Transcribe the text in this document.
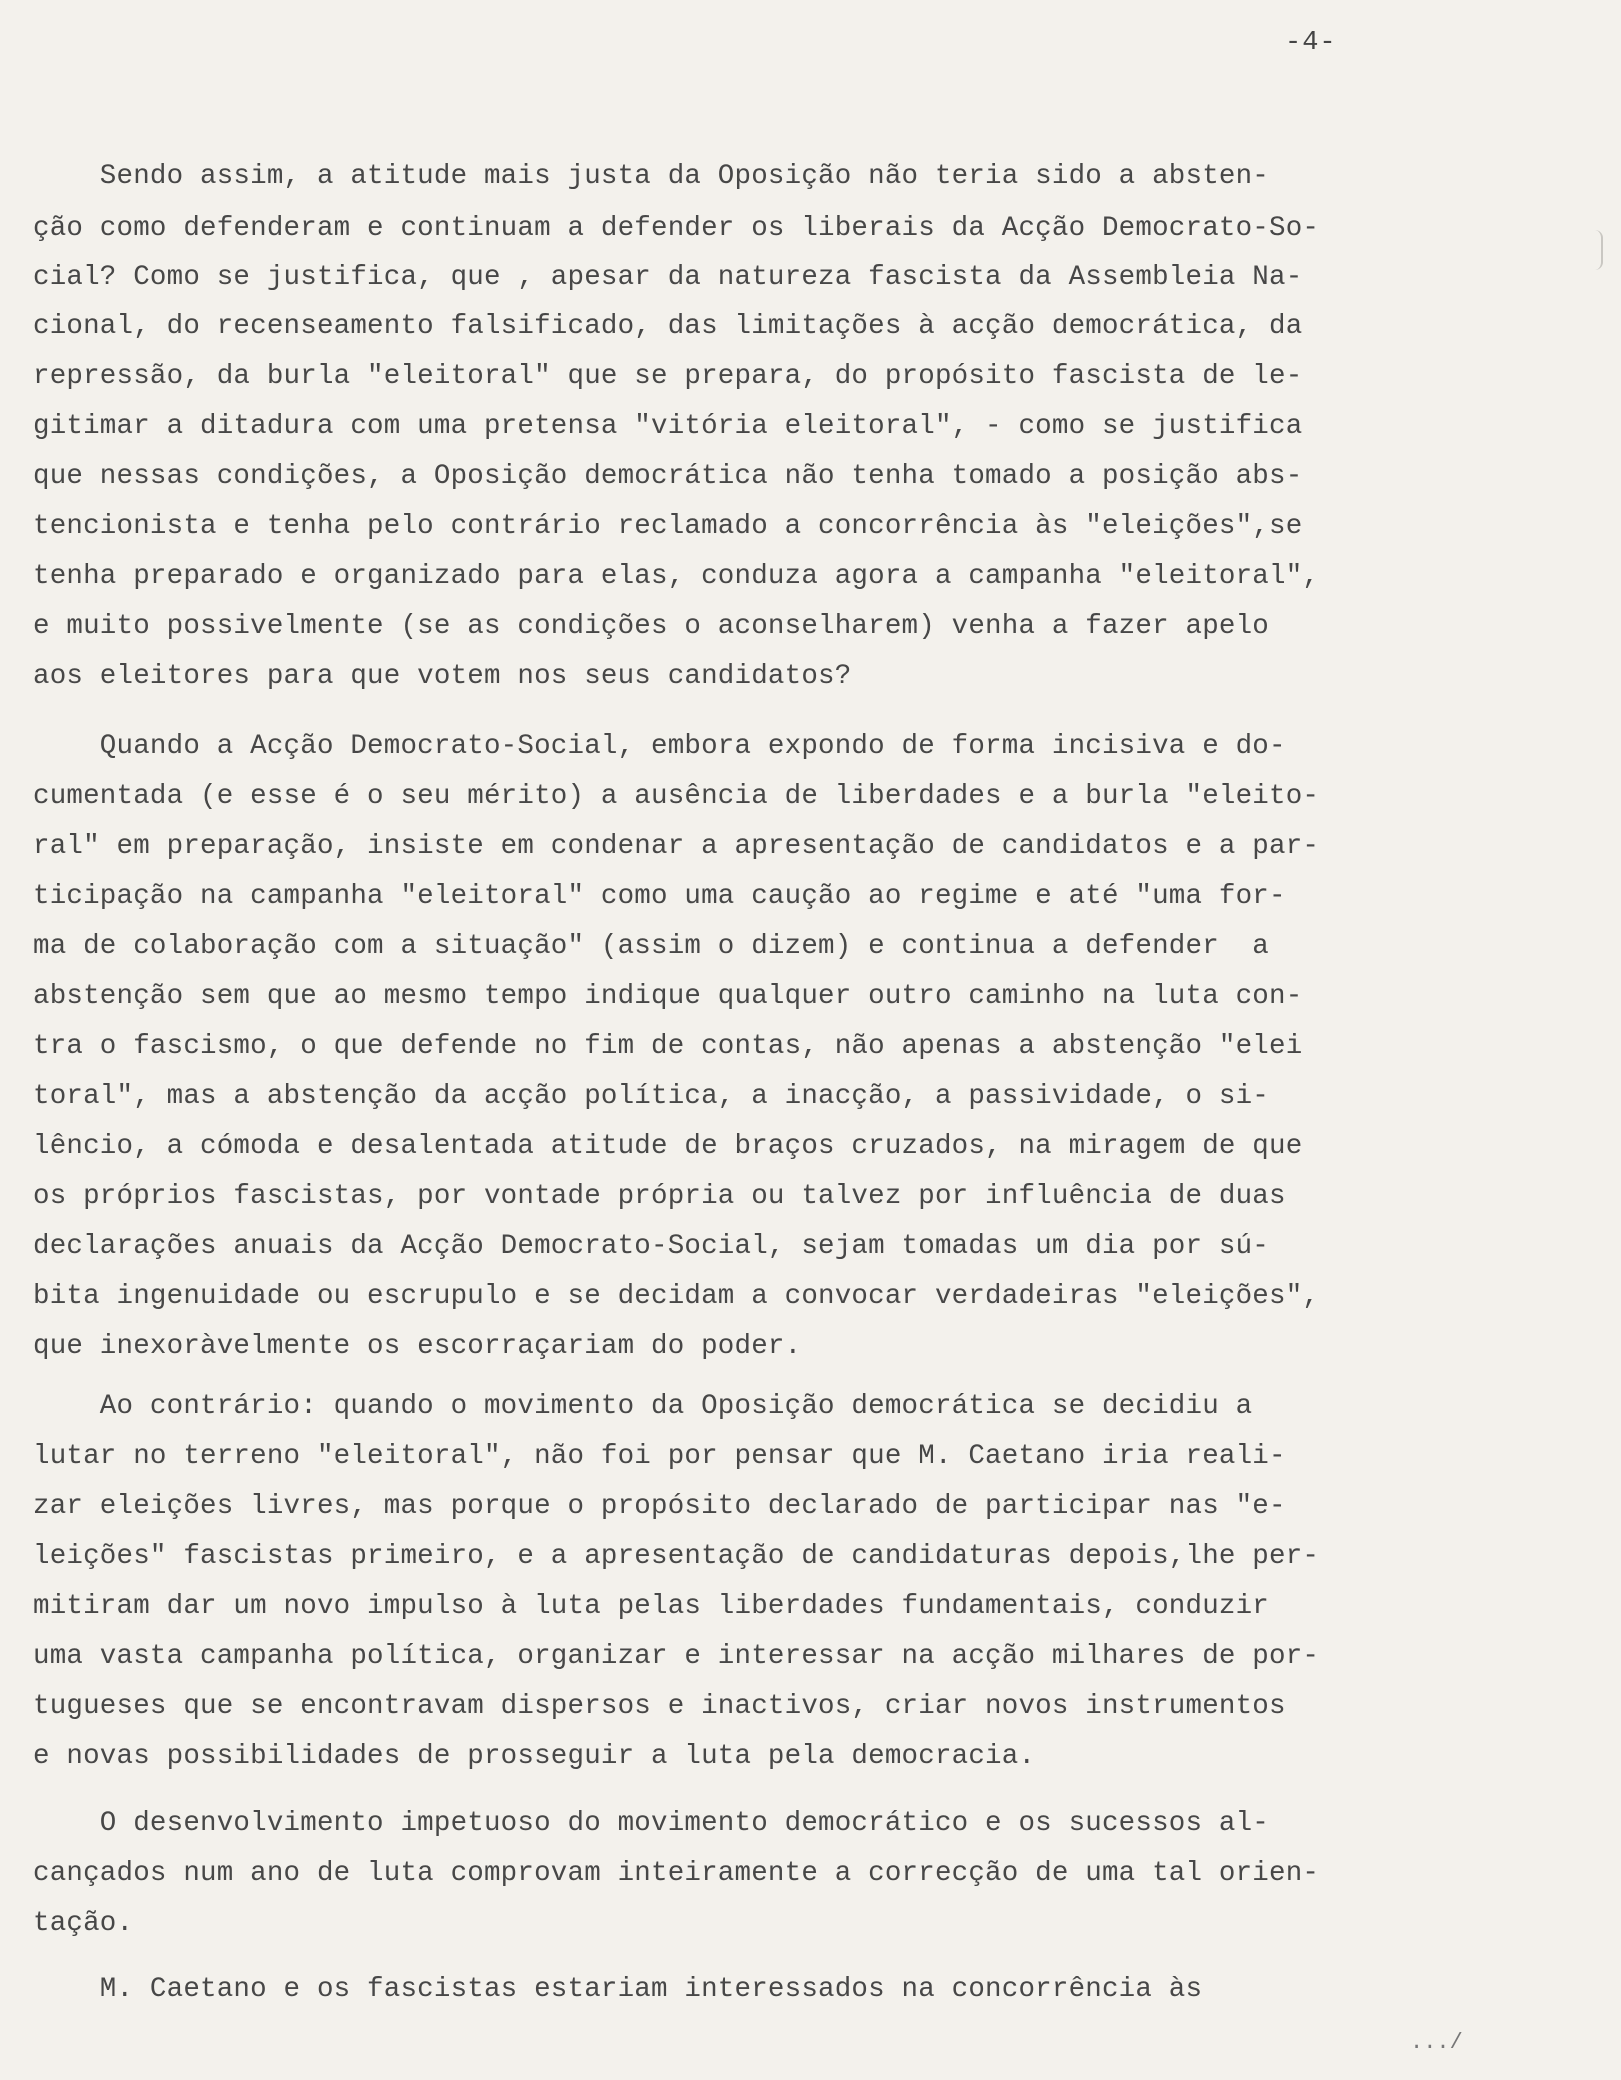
-4-
Sendo assim, a atitude mais justa da Oposição não teria sido a absten-
ção como defenderam e continuam a defender os liberais da Acção Democrato-So-
cial? Como se justifica, que , apesar da natureza fascista da Assembleia Na-
cional, do recenseamento falsificado, das limitações à acção democrática, da
repressão, da burla "eleitoral" que se prepara, do propósito fascista de le-
gitimar a ditadura com uma pretensa "vitória eleitoral", - como se justifica
que nessas condições, a Oposição democrática não tenha tomado a posição abs-
tencionista e tenha pelo contrário reclamado a concorrência às "eleições",se
tenha preparado e organizado para elas, conduza agora a campanha "eleitoral",
e muito possivelmente (se as condições o aconselharem) venha a fazer apelo
aos eleitores para que votem nos seus candidatos?
Quando a Acção Democrato-Social, embora expondo de forma incisiva e do-
cumentada (e esse é o seu mérito) a ausência de liberdades e a burla "eleito-
ral" em preparação, insiste em condenar a apresentação de candidatos e a par-
ticipação na campanha "eleitoral" como uma caução ao regime e até "uma for-
ma de colaboração com a situação" (assim o dizem) e continua a defender  a
abstenção sem que ao mesmo tempo indique qualquer outro caminho na luta con-
tra o fascismo, o que defende no fim de contas, não apenas a abstenção "elei
toral", mas a abstenção da acção política, a inacção, a passividade, o si-
lêncio, a cómoda e desalentada atitude de braços cruzados, na miragem de que
os próprios fascistas, por vontade própria ou talvez por influência de duas
declarações anuais da Acção Democrato-Social, sejam tomadas um dia por sú-
bita ingenuidade ou escrupulo e se decidam a convocar verdadeiras "eleições",
que inexoràvelmente os escorraçariam do poder.
Ao contrário: quando o movimento da Oposição democrática se decidiu a
lutar no terreno "eleitoral", não foi por pensar que M. Caetano iria reali-
zar eleições livres, mas porque o propósito declarado de participar nas "e-
leições" fascistas primeiro, e a apresentação de candidaturas depois,lhe per-
mitiram dar um novo impulso à luta pelas liberdades fundamentais, conduzir
uma vasta campanha política, organizar e interessar na acção milhares de por-
tugueses que se encontravam dispersos e inactivos, criar novos instrumentos
e novas possibilidades de prosseguir a luta pela democracia.
O desenvolvimento impetuoso do movimento democrático e os sucessos al-
cançados num ano de luta comprovam inteiramente a correcção de uma tal orien-
tação.
M. Caetano e os fascistas estariam interessados na concorrência às
.../
